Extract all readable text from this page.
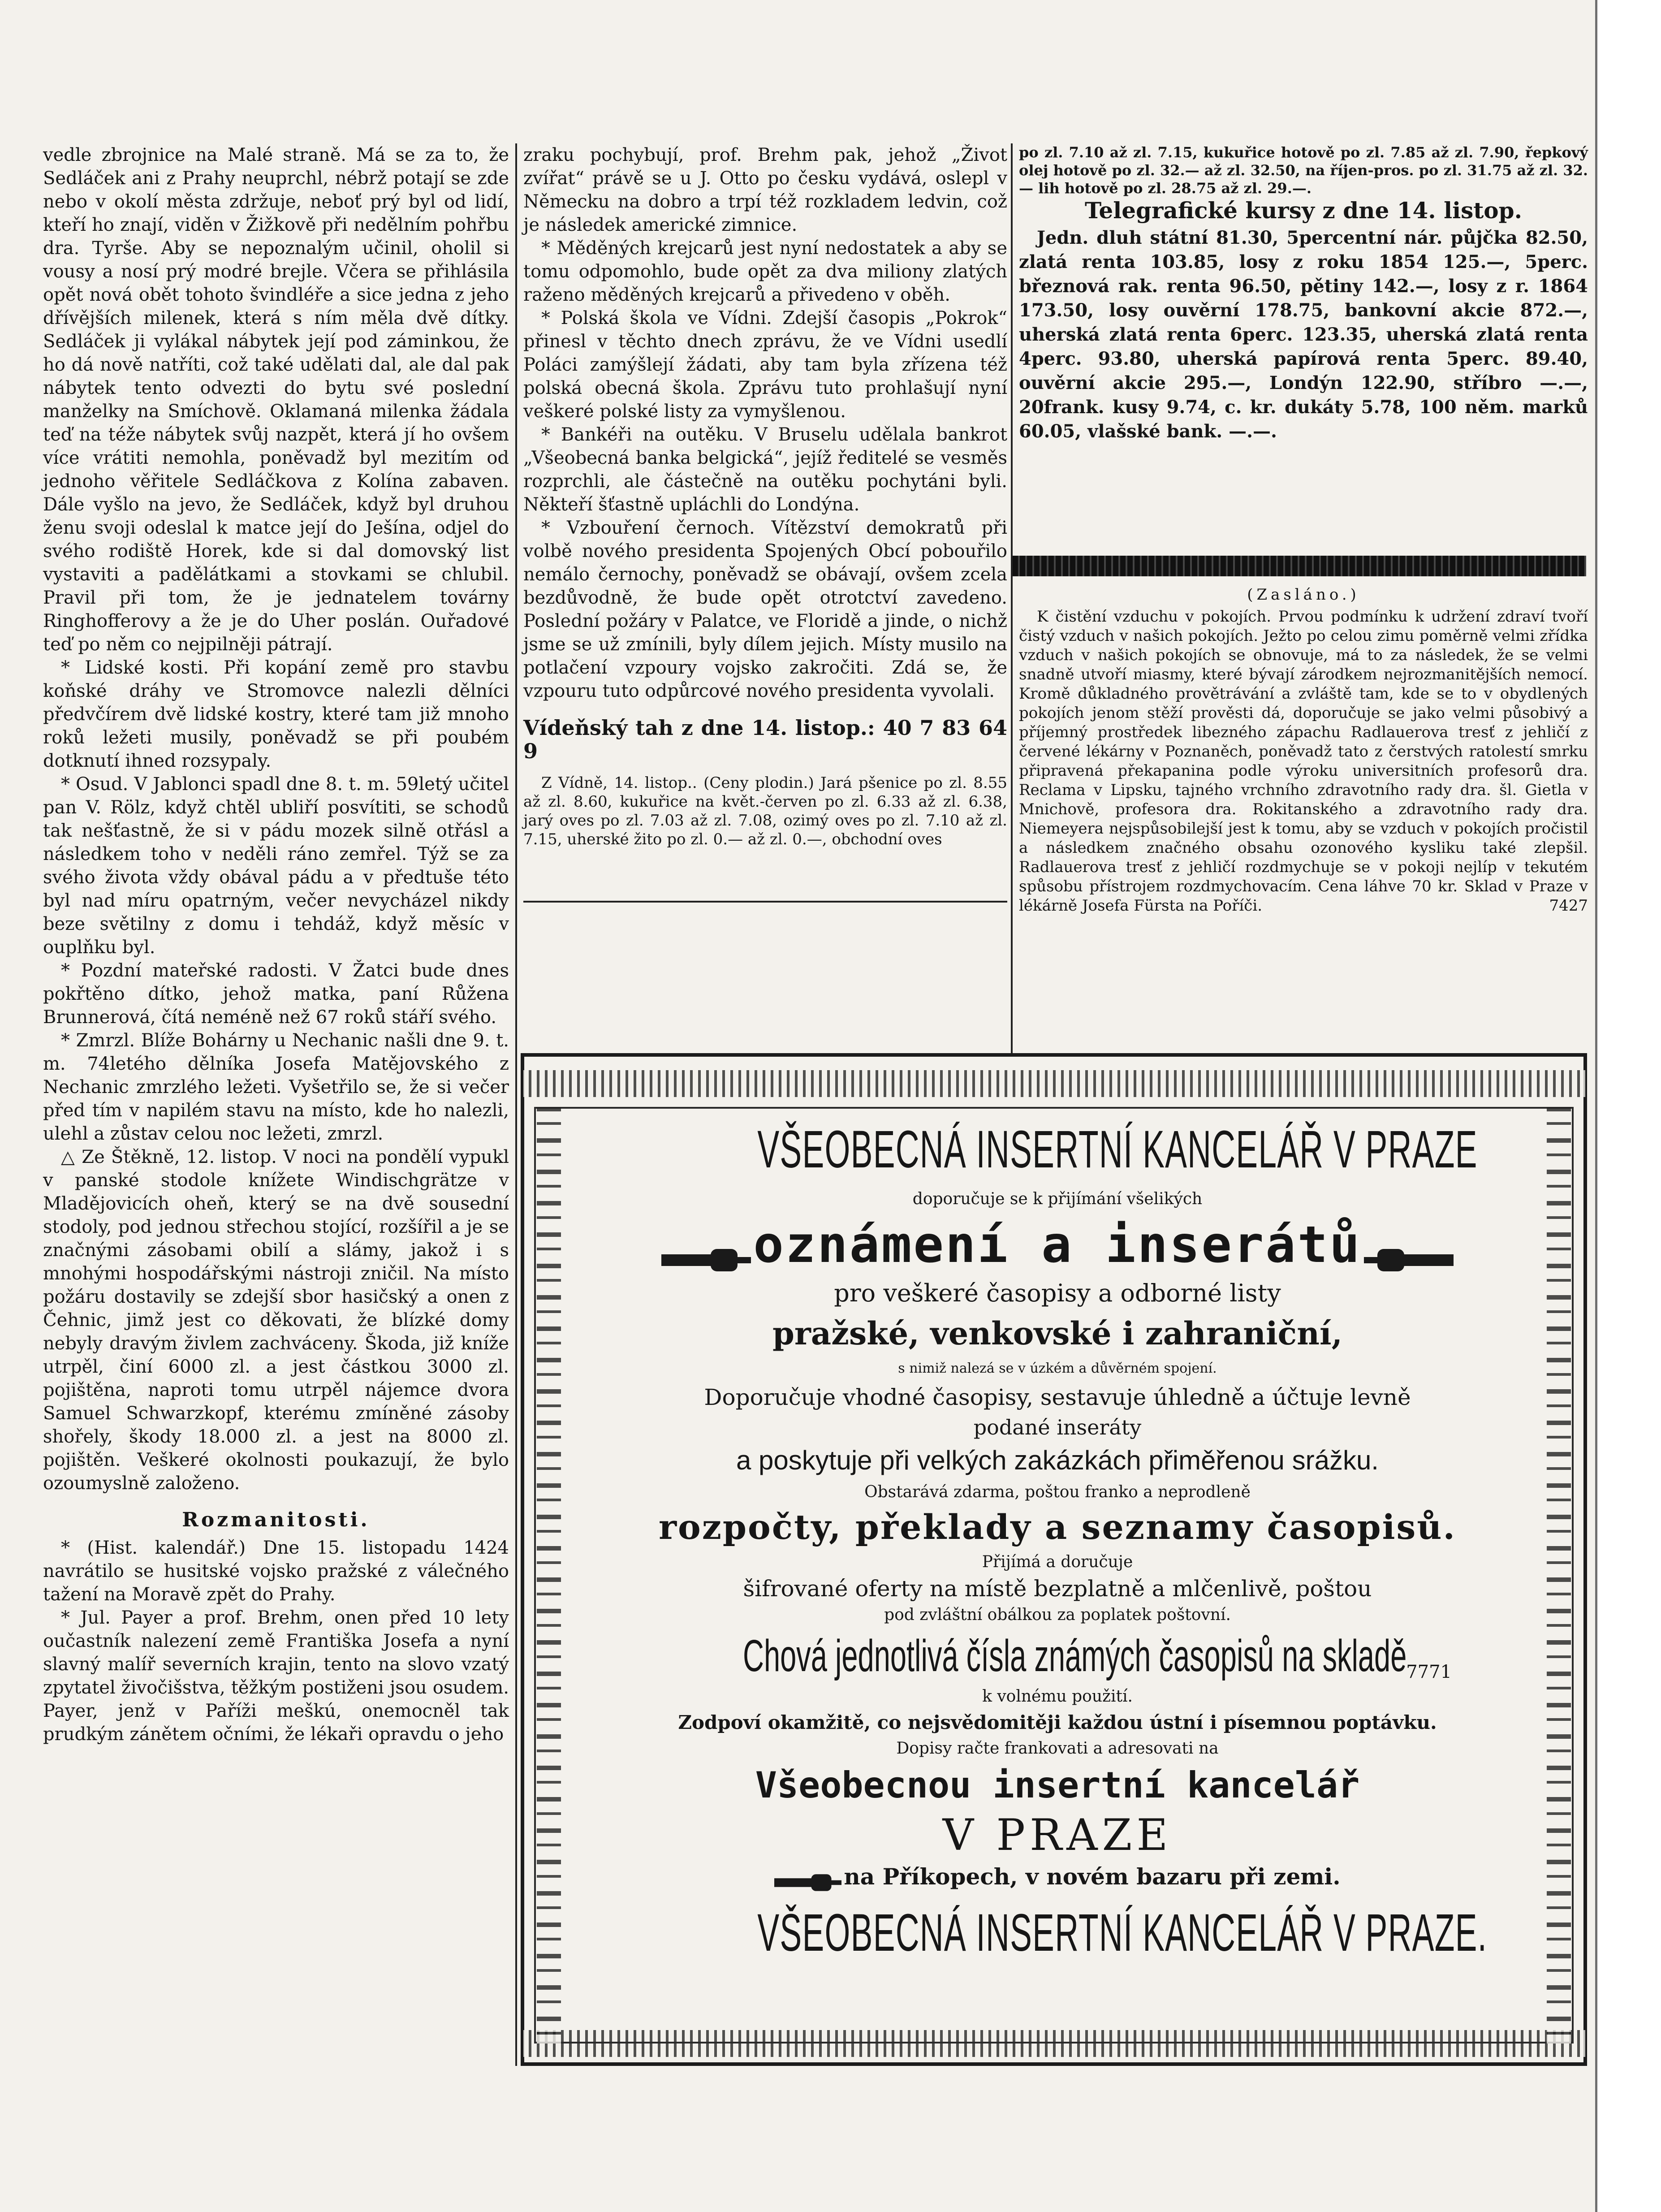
vedle zbrojnice na Malé straně. Má se za to, že Sedláček ani z Prahy neuprchl, nébrž potají se zde nebo v okolí města zdržuje, neboť prý byl od lidí, kteří ho znají, viděn v Žižkově při nedělním pohřbu dra. Tyrše. Aby se nepoznalým učinil, oholil si vousy a nosí prý modré brejle. Včera se přihlásila opět nová obět tohoto švindléře a sice jedna z jeho dřívějších milenek, která s ním měla dvě dítky. Sedláček ji vylákal nábytek její pod záminkou, že ho dá nově natříti, což také udělati dal, ale dal pak nábytek tento odvezti do bytu své poslední manželky na Smíchově. Oklamaná milenka žádala teď na téže nábytek svůj nazpět, která jí ho ovšem více vrátiti nemohla, poněvadž byl mezitím od jednoho věřitele Sedláčkova z Kolína zabaven. Dále vyšlo na jevo, že Sedláček, když byl druhou ženu svoji odeslal k matce její do Ješína, odjel do svého rodiště Horek, kde si dal domovský list vystaviti a padělátkami a stovkami se chlubil. Pravil při tom, že je jednatelem továrny Ringhofferovy a že je do Uher poslán. Ouřadové teď po něm co nejpilněji pátrají.

* Lidské kosti. Při kopání země pro stavbu koňské dráhy ve Stromovce nalezli dělníci předvčírem dvě lidské kostry, které tam již mnoho roků ležeti musily, poněvadž se při poubém dotknutí ihned rozsypaly.

* Osud. V Jablonci spadl dne 8. t. m. 59letý učitel pan V. Rölz, když chtěl ubliří posvítiti, se schodů tak nešťastně, že si v pádu mozek silně otřásl a následkem toho v neděli ráno zemřel. Týž se za svého života vždy obával pádu a v předtuše této byl nad míru opatrným, večer nevycházel nikdy beze světilny z domu i tehdáž, když měsíc v ouplňku byl.

* Pozdní mateřské radosti. V Žatci bude dnes pokřtěno dítko, jehož matka, paní Růžena Brunnerová, čítá neméně než 67 roků stáří svého.

* Zmrzl. Blíže Bohárny u Nechanic našli dne 9. t. m. 74letého dělníka Josefa Matějovského z Nechanic zmrzlého ležeti. Vyšetřilo se, že si večer před tím v napilém stavu na místo, kde ho nalezli, ulehl a zůstav celou noc ležeti, zmrzl.

△ Ze Štěkně, 12. listop. V noci na pondělí vypukl v panské stodole knížete Windischgrätze v Mladějovicích oheň, který se na dvě sousední stodoly, pod jednou střechou stojící, rozšířil a je se značnými zásobami obilí a slámy, jakož i s mnohými hospodářskými nástroji zničil. Na místo požáru dostavily se zdejší sbor hasičský a onen z Čehnic, jimž jest co děkovati, že blízké domy nebyly dravým živlem zachváceny. Škoda, již kníže utrpěl, činí 6000 zl. a jest částkou 3000 zl. pojištěna, naproti tomu utrpěl nájemce dvora Samuel Schwarzkopf, kterému zmíněné zásoby shořely, škody 18.000 zl. a jest na 8000 zl. pojištěn. Veškeré okolnosti poukazují, že bylo ozoumyslně založeno.

Rozmanitosti.

* (Hist. kalendář.) Dne 15. listopadu 1424 navrátilo se husitské vojsko pražské z válečného tažení na Moravě zpět do Prahy.

* Jul. Payer a prof. Brehm, onen před 10 lety oučastník nalezení země Františka Josefa a nyní slavný malíř severních krajin, tento na slovo vzatý zpytatel živočišstva, těžkým postiženi jsou osudem. Payer, jenž v Paříži meškú, onemocněl tak prudkým zánětem očními, že lékaři opravdu o jeho

zraku pochybují, prof. Brehm pak, jehož „Život zvířat“ právě se u J. Otto po česku vydává, oslepl v Německu na dobro a trpí též rozkladem ledvin, což je následek americké zimnice.

* Měděných krejcarů jest nyní nedostatek a aby se tomu odpomohlo, bude opět za dva miliony zlatých raženo měděných krejcarů a přivedeno v oběh.

* Polská škola ve Vídni. Zdejší časopis „Pokrok“ přinesl v těchto dnech zprávu, že ve Vídni usedlí Poláci zamýšlejí žádati, aby tam byla zřízena též polská obecná škola. Zprávu tuto prohlašují nyní veškeré polské listy za vymyšlenou.

* Bankéři na outěku. V Bruselu udělala bankrot „Všeobecná banka belgická“, jejíž ředitelé se vesměs rozprchli, ale částečně na outěku pochytáni byli. Někteří šťastně upláchli do Londýna.

* Vzbouření černoch. Vítězství demokratů při volbě nového presidenta Spojených Obcí pobouřilo nemálo černochy, poněvadž se obávají, ovšem zcela bezdůvodně, že bude opět otrotctví zavedeno. Poslední požáry v Palatce, ve Floridě a jinde, o nichž jsme se už zmínili, byly dílem jejich. Místy musilo na potlačení vzpoury vojsko zakročiti. Zdá se, že vzpouru tuto odpůrcové nového presidenta vyvolali.

Vídeňský tah z dne 14. listop.: 40 7 83 64 9

Z Vídně, 14. listop.. (Ceny plodin.) Jará pšenice po zl. 8.55 až zl. 8.60, kukuřice na květ.-červen po zl. 6.33 až zl. 6.38, jarý oves po zl. 7.03 až zl. 7.08, ozimý oves po zl. 7.10 až zl. 7.15, uherské žito po zl. 0.— až zl. 0.—, obchodní oves

po zl. 7.10 až zl. 7.15, kukuřice hotově po zl. 7.85 až zl. 7.90, řepkový olej hotově po zl. 32.— až zl. 32.50, na říjen-pros. po zl. 31.75 až zl. 32.— lih hotově po zl. 28.75 až zl. 29.—.

Telegrafické kursy z dne 14. listop.

Jedn. dluh státní 81.30, 5percentní nár. půjčka 82.50, zlatá renta 103.85, losy z roku 1854 125.—, 5perc. březnová rak. renta 96.50, pětiny 142.—, losy z r. 1864 173.50, losy ouvěrní 178.75, bankovní akcie 872.—, uherská zlatá renta 6perc. 123.35, uherská zlatá renta 4perc. 93.80, uherská papírová renta 5perc. 89.40, ouvěrní akcie 295.—, Londýn 122.90, stříbro —.—, 20frank. kusy 9.74, c. kr. dukáty 5.78, 100 něm. marků 60.05, vlašské bank. —.—.

(Zasláno.)

K čistění vzduchu v pokojích. Prvou podmínku k udržení zdraví tvoří čistý vzduch v našich pokojích. Ježto po celou zimu poměrně velmi zřídka vzduch v našich pokojích se obnovuje, má to za následek, že se velmi snadně utvoří miasmy, které bývají zárodkem nejrozmanitějších nemocí. Kromě důkladného provětrávání a zvláště tam, kde se to v obydlených pokojích jenom stěží prověsti dá, doporučuje se jako velmi působivý a příjemný prostředek libezného zápachu Radlauerova tresť z jehličí z červené lékárny v Poznaněch, poněvadž tato z čerstvých ratolestí smrku připravená překapanina podle výroku universitních profesorů dra. Reclama v Lipsku, tajného vrchního zdravotního rady dra. šl. Gietla v Mnichově, profesora dra. Rokitanského a zdravotního rady dra. Niemeyera nejspůsobilejší jest k tomu, aby se vzduch v pokojích pročistil a následkem značného obsahu ozonového kysliku také zlepšil. Radlauerova tresť z jehličí rozdmychuje se v pokoji nejlíp v tekutém spůsobu přístrojem rozdmychovacím. Cena láhve 70 kr. Sklad v Praze v lékárně Josefa Fürsta na Poříči.	7427
VŠEOBECNÁ INSERTNÍ KANCELÁŘ V PRAZE
doporučuje se k přijímání všelikých
oznámení a inserátů
pro veškeré časopisy a odborné listy
pražské, venkovské i zahraniční,
s nimiž nalezá se v úzkém a důvěrném spojení.
Doporučuje vhodné časopisy, sestavuje úhledně a účtuje levně
podané inseráty
a poskytuje při velkých zakázkách přiměřenou srážku.
Obstarává zdarma, poštou franko a neprodleně
rozpočty, překlady a seznamy časopisů.
Přijímá a doručuje
šifrované oferty na místě bezplatně a mlčenlivě, poštou
pod zvláštní obálkou za poplatek poštovní.
7771
Chová jednotlivá čísla známých časopisů na skladě
k volnému použití.
Zodpoví okamžitě, co nejsvědomitěji každou ústní i písemnou poptávku.
Dopisy račte frankovati a adresovati na
Všeobecnou insertní kancelář
V PRAZE
na Příkopech, v novém bazaru při zemi.
VŠEOBECNÁ INSERTNÍ KANCELÁŘ V PRAZE.
